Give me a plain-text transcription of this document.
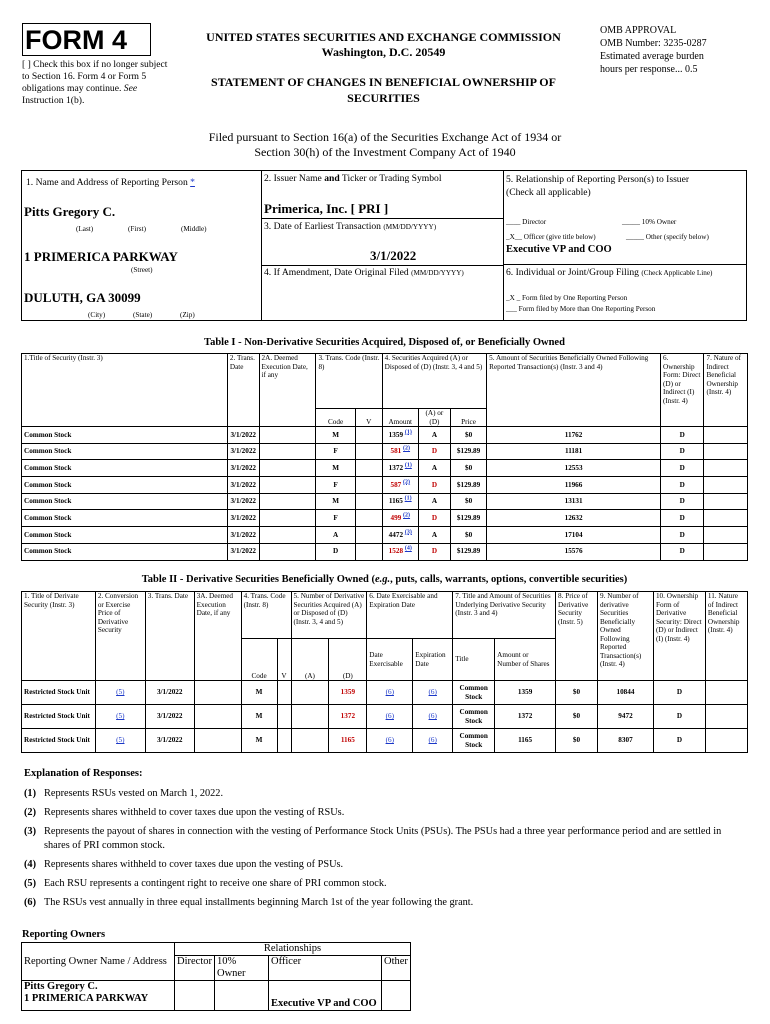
FORM 4
[ ] Check this box if no longer subject to Section 16. Form 4 or Form 5 obligations may continue. See Instruction 1(b).
UNITED STATES SECURITIES AND EXCHANGE COMMISSION
Washington, D.C. 20549
STATEMENT OF CHANGES IN BENEFICIAL OWNERSHIP OF SECURITIES
OMB APPROVAL
OMB Number: 3235-0287
Estimated average burden hours per response... 0.5
Filed pursuant to Section 16(a) of the Securities Exchange Act of 1934 or
Section 30(h) of the Investment Company Act of 1940
1. Name and Address of Reporting Person *
Pitts Gregory C.
(Last)	(First)	(Middle)
1 PRIMERICA PARKWAY
(Street)
DULUTH, GA 30099
(City)	(State)	(Zip)
2. Issuer Name and Ticker or Trading Symbol
Primerica, Inc. [ PRI ]
3. Date of Earliest Transaction (MM/DD/YYYY)
3/1/2022
4. If Amendment, Date Original Filed (MM/DD/YYYY)
5. Relationship of Reporting Person(s) to Issuer
(Check all applicable)
____ Director	_____ 10% Owner
_X__ Officer (give title below)	_____ Other (specify below)
Executive VP and COO
6. Individual or Joint/Group Filing (Check Applicable Line)
_X _ Form filed by One Reporting Person
___ Form filed by More than One Reporting Person
Table I - Non-Derivative Securities Acquired, Disposed of, or Beneficially Owned
1.Title of Security (Instr. 3)	2. Trans. Date	2A. Deemed Execution Date, if any	3. Trans. Code (Instr. 8)		4. Securities Acquired (A) or Disposed of (D) (Instr. 3, 4 and 5)			5. Amount of Securities Beneficially Owned Following Reported Transaction(s) (Instr. 3 and 4)	6. Ownership Form: Direct (D) or Indirect (I) (Instr. 4)	7. Nature of Indirect Beneficial Ownership (Instr. 4)
			Code	V	Amount	(A) or (D)	Price			
Common Stock	3/1/2022		M		1359 $^{(1)}$	A	$0	11762	D	
Common Stock	3/1/2022		F		581 $^{(2)}$	D	$129.89	11181	D	
Common Stock	3/1/2022		M		1372 $^{(1)}$	A	$0	12553	D	
Common Stock	3/1/2022		F		587 $^{(2)}$	D	$129.89	11966	D	
Common Stock	3/1/2022		M		1165 $^{(1)}$	A	$0	13131	D	
Common Stock	3/1/2022		F		499 $^{(2)}$	D	$129.89	12632	D	
Common Stock	3/1/2022		A		4472 $^{(3)}$	A	$0	17104	D	
Common Stock	3/1/2022		D		1528 $^{(4)}$	D	$129.89	15576	D	
Table II - Derivative Securities Beneficially Owned (e.g., puts, calls, warrants, options, convertible securities)
1. Title of Derivate Security (Instr. 3)	2. Conversion or Exercise Price of Derivative Security	3. Trans. Date	3A. Deemed Execution Date, if any	4. Trans. Code (Instr. 8)		5. Number of Derivative Securities Acquired (A) or Disposed of (D) (Instr. 3, 4 and 5)		6. Date Exercisable and Expiration Date		7. Title and Amount of Securities Underlying Derivative Security (Instr. 3 and 4)		8. Price of Derivative Security (Instr. 5)	9. Number of derivative Securities Beneficially Owned Following Reported Transaction(s) (Instr. 4)	10. Ownership Form of Derivative Security: Direct (D) or Indirect (I) (Instr. 4)	11. Nature of Indirect Beneficial Ownership (Instr. 4)
				Code	V	(A)	(D)	Date Exercisable	Expiration Date	Title	Amount or Number of Shares				
Restricted Stock Unit	(5)	3/1/2022		M			1359	(6)	(6)	Common Stock	1359	$0	10844	D	
Restricted Stock Unit	(5)	3/1/2022		M			1372	(6)	(6)	Common Stock	1372	$0	9472	D	
Restricted Stock Unit	(5)	3/1/2022		M			1165	(6)	(6)	Common Stock	1165	$0	8307	D	
Explanation of Responses:
(1) Represents RSUs vested on March 1, 2022.
(2) Represents shares withheld to cover taxes due upon the vesting of RSUs.
(3) Represents the payout of shares in connection with the vesting of Performance Stock Units (PSUs). The PSUs had a three year performance period and are settled in shares of PRI common stock.
(4) Represents shares withheld to cover taxes due upon the vesting of PSUs.
(5) Each RSU represents a contingent right to receive one share of PRI common stock.
(6) The RSUs vest annually in three equal installments beginning March 1st of the year following the grant.
Reporting Owners
Reporting Owner Name / Address	Relationships			
	Director	10% Owner	Officer	Other

Pitts Gregory C.
1 PRIMERICA PARKWAY			Executive VP and COO	
